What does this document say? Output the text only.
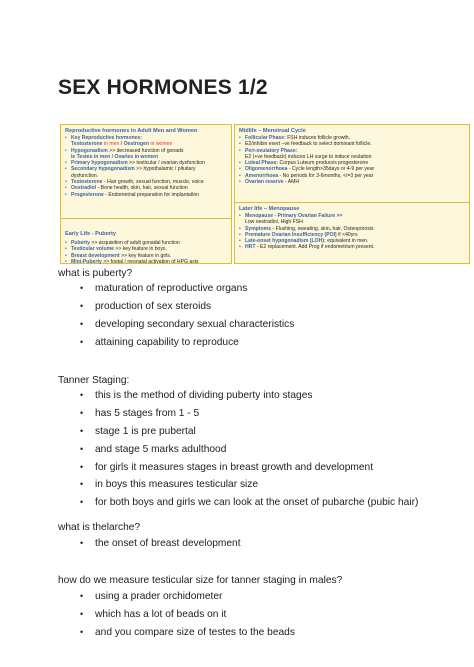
SEX HORMONES 1/2
Reproductive hormones in Adult Men and Women
• Key Reproductive hormones:
Testosterone in men / Oestrogen in women
• Hypogonadism >> decreased function of gonads
ie Testes in men / Ovaries in women
• Primary hypogonadism >> testicular / ovarian dysfunction
• Secondary hypogonadism >> hypothalamic / pituitary
dysfunction.
• Testosterone - Hair growth, sexual function, muscle, voice
• Oestradiol - Bone health, skin, hair, sexual function
• Progesterone - Endometrial preparation for implantation
Early Life - Puberty
• Puberty >> acquisition of adult gonadal function
• Testicular volume >> key feature in boys.
• Breast development >> key feature in girls.
• Mini-Puberty >> foetal / neonatal activation of HPG axis
Midlife – Menstrual Cycle
• Follicular Phase: FSH induces follicle growth.
• E2/inhibin exert –ve feedback to select dominant follicle.
• Peri-ovulatory Phase:
E2 (+ve feedback) induces LH surge to induce ovulation
• Luteal Phase: Corpus Luteum produces progesterone
• Oligomenorrhoea - Cycle length>35days or 4-9 per year
• Amenorrhoea - No periods for 3-6months, </=3 per year
• Ovarian reserve - AMH
Later life – Menopause
• Menopause - Primary Ovarian Failure >>
Low oestradiol, High FSH
• Symptoms - Flushing, sweating, skin, hair, Osteoporosis
• Premature Ovarian Insufficiency (POI) if <40yrs
• Late-onset hypogonadism (LOH): equivalent in men.
• HRT - E2 replacement. Add Prog if endometrium present.
what is puberty?
• maturation of reproductive organs
• production of sex steroids
• developing secondary sexual characteristics
• attaining capability to reproduce
Tanner Staging:
• this is the method of dividing puberty into stages
• has 5 stages from 1 - 5
• stage 1 is pre pubertal
• and stage 5 marks adulthood
• for girls it measures stages in breast growth and development
• in boys this measures testicular size
• for both boys and girls we can look at the onset of pubarche (pubic hair)
what is thelarche?
• the onset of breast development
how do we measure testicular size for tanner staging in males?
• using a prader orchidometer
• which has a lot of beads on it
• and you compare size of testes to the beads
